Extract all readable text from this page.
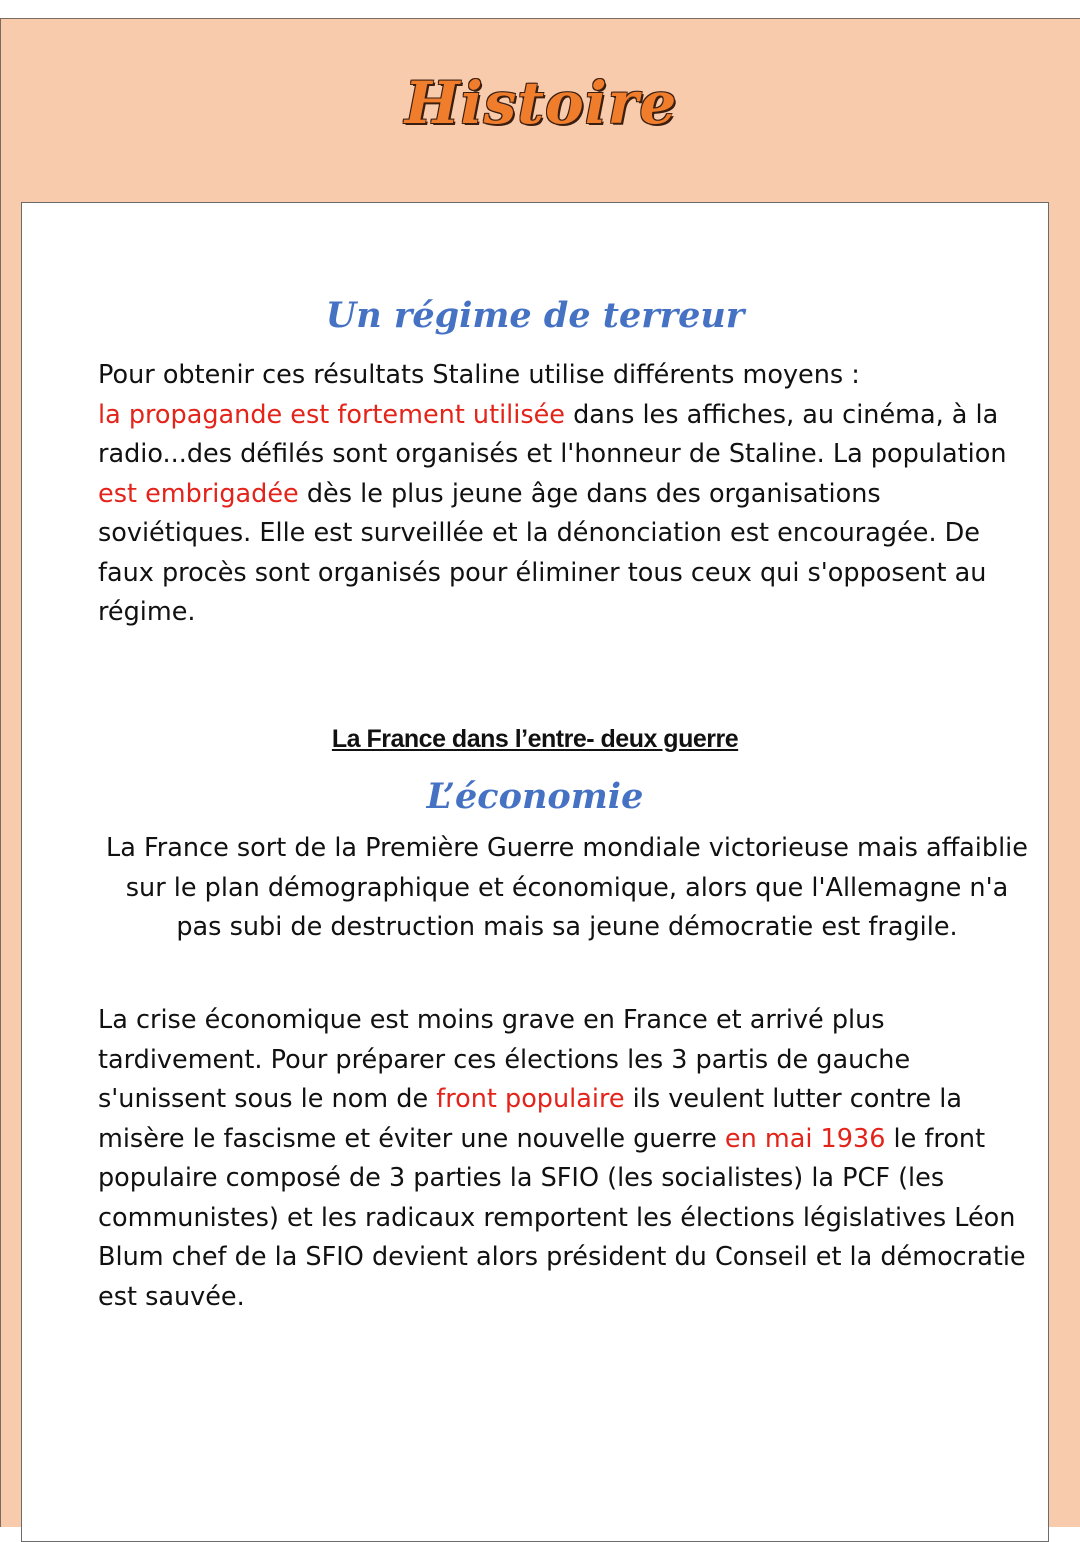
Histoire
Un régime de terreur
Pour obtenir ces résultats Staline utilise différents moyens :
la propagande est fortement utilisée dans les affiches, au cinéma, à la radio...des défilés sont organisés et l'honneur de Staline. La population est embrigadée dès le plus jeune âge dans des organisations soviétiques. Elle est surveillée et la dénonciation est encouragée. De faux procès sont organisés pour éliminer tous ceux qui s'opposent au régime.
La France dans l’entre- deux guerre
L’économie
La France sort de la Première Guerre mondiale victorieuse mais affaiblie sur le plan démographique et économique, alors que l'Allemagne n'a pas subi de destruction mais sa jeune démocratie est fragile.
La crise économique est moins grave en France et arrivé plus tardivement. Pour préparer ces élections les 3 partis de gauche s'unissent sous le nom de front populaire ils veulent lutter contre la misère le fascisme et éviter une nouvelle guerre en mai 1936 le front populaire composé de 3 parties la SFIO (les socialistes) la PCF (les communistes) et les radicaux remportent les élections législatives Léon Blum chef de la SFIO devient alors président du Conseil et la démocratie est sauvée.
